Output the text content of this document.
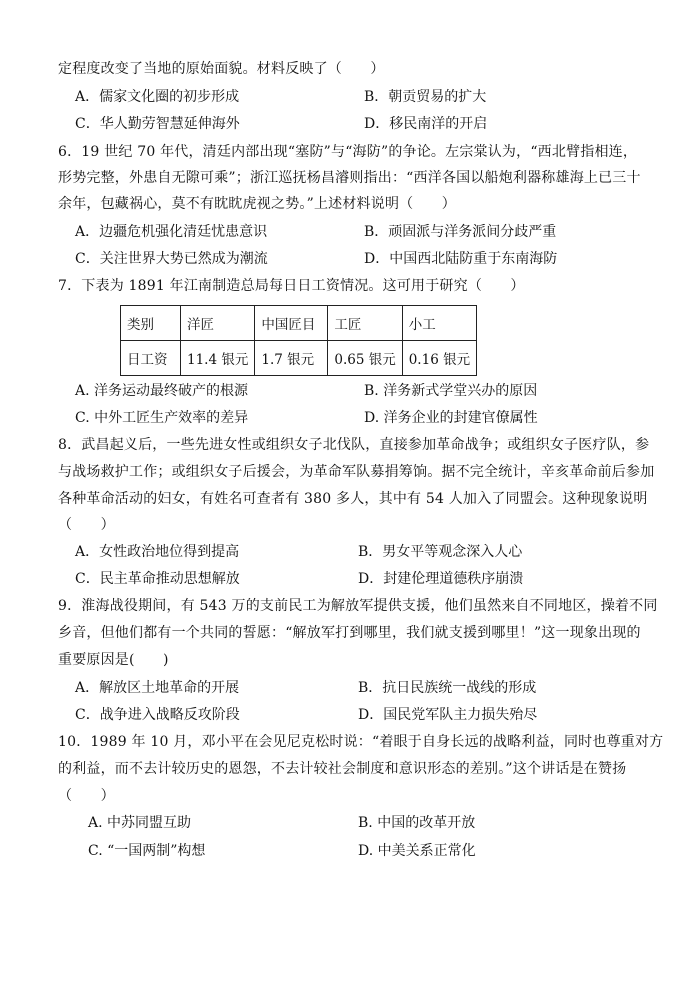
定程度改变了当地的原始面貌。材料反映了（　　）
A．儒家文化圈的初步形成	B．朝贡贸易的扩大
C．华人勤劳智慧延伸海外	D．移民南洋的开启
6．19 世纪 70 年代，清廷内部出现“塞防”与“海防”的争论。左宗棠认为，“西北臂指相连，
形势完整，外患自无隙可乘”；浙江巡抚杨昌濬则指出：“西洋各国以船炮利器称雄海上已三十
余年，包藏祸心，莫不有眈眈虎视之势。”上述材料说明（　　）
A．边疆危机强化清廷忧患意识	B．顽固派与洋务派间分歧严重
C．关注世界大势已然成为潮流	D．中国西北陆防重于东南海防
7．下表为 1891 年江南制造总局每日日工资情况。这可用于研究（　　）
类别	洋匠	中国匠目	工匠	小工
日工资	11.4 银元	1.7 银元	0.65 银元	0.16 银元
A. 洋务运动最终破产的根源	B. 洋务新式学堂兴办的原因
C. 中外工匠生产效率的差异	D. 洋务企业的封建官僚属性
8．武昌起义后，一些先进女性或组织女子北伐队，直接参加革命战争；或组织女子医疗队，参
与战场救护工作；或组织女子后援会，为革命军队募捐筹饷。据不完全统计，辛亥革命前后参加
各种革命活动的妇女，有姓名可查者有 380 多人，其中有 54 人加入了同盟会。这种现象说明
（　　）
A．女性政治地位得到提高	B．男女平等观念深入人心
C．民主革命推动思想解放	D．封建伦理道德秩序崩溃
9．淮海战役期间，有 543 万的支前民工为解放军提供支援，他们虽然来自不同地区，操着不同
乡音，但他们都有一个共同的誓愿：“解放军打到哪里，我们就支援到哪里！”这一现象出现的
重要原因是(　　)
A．解放区土地革命的开展	B．抗日民族统一战线的形成
C．战争进入战略反攻阶段	D．国民党军队主力损失殆尽
10．1989 年 10 月，邓小平在会见尼克松时说：“着眼于自身长远的战略利益，同时也尊重对方
的利益，而不去计较历史的恩怨，不去计较社会制度和意识形态的差别。”这个讲话是在赞扬
（　　）
A. 中苏同盟互助	B. 中国的改革开放
C. “一国两制”构想	D. 中美关系正常化
